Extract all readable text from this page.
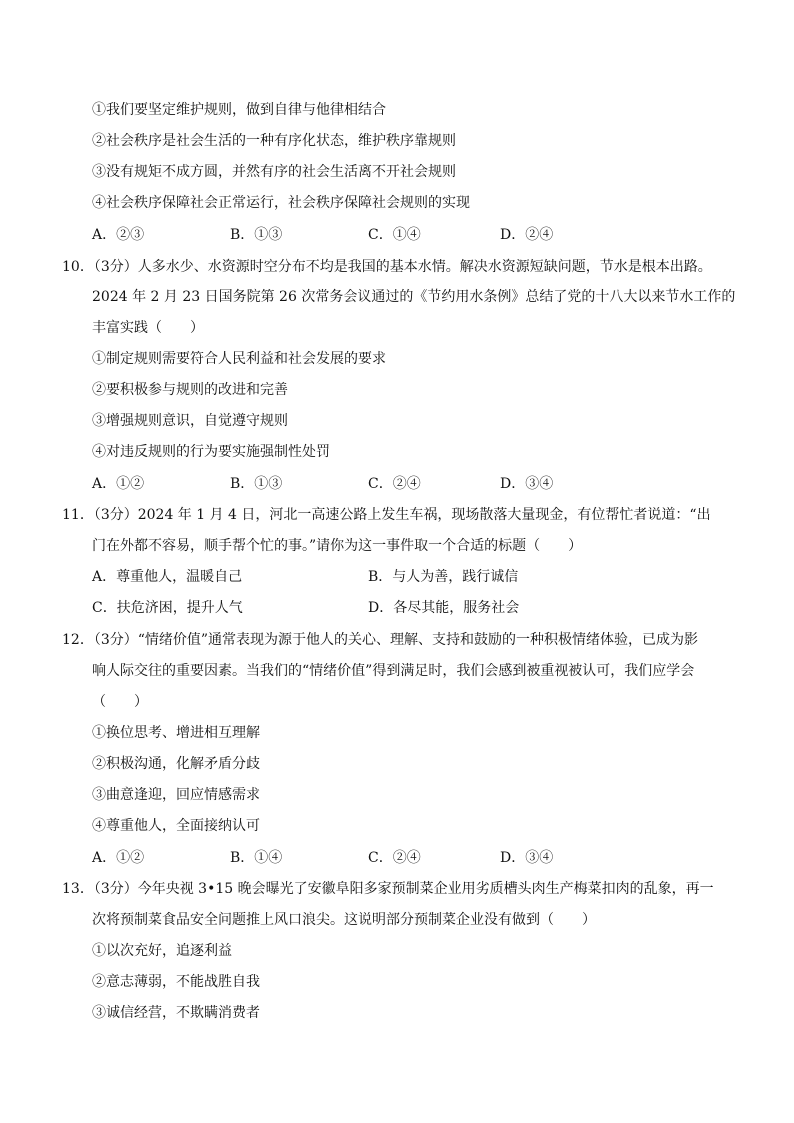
①我们要坚定维护规则，做到自律与他律相结合
②社会秩序是社会生活的一种有序化状态，维护秩序靠规则
③没有规矩不成方圆，并然有序的社会生活离不开社会规则
④社会秩序保障社会正常运行，社会秩序保障社会规则的实现
A．②③	B．①③	C．①④	D．②④
10．（3分）人多水少、水资源时空分布不均是我国的基本水情。解决水资源短缺问题，节水是根本出路。
2024 年 2 月 23 日国务院第 26 次常务会议通过的《节约用水条例》总结了党的十八大以来节水工作的
丰富实践（　　）
①制定规则需要符合人民利益和社会发展的要求
②要积极参与规则的改进和完善
③增强规则意识，自觉遵守规则
④对违反规则的行为要实施强制性处罚
A．①②	B．①③	C．②④	D．③④
11．（3分）2024 年 1 月 4 日，河北一高速公路上发生车祸，现场散落大量现金，有位帮忙者说道：“出
门在外都不容易，顺手帮个忙的事。”请你为这一事件取一个合适的标题（　　）
A．尊重他人，温暖自己	B．与人为善，践行诚信
C．扶危济困，提升人气	D．各尽其能，服务社会
12．（3分）“情绪价值”通常表现为源于他人的关心、理解、支持和鼓励的一种积极情绪体验，已成为影
响人际交往的重要因素。当我们的“情绪价值”得到满足时，我们会感到被重视被认可，我们应学会
（　　）
①换位思考、增进相互理解
②积极沟通，化解矛盾分歧
③曲意逢迎，回应情感需求
④尊重他人，全面接纳认可
A．①②	B．①④	C．②④	D．③④
13．（3分）今年央视 3•15 晚会曝光了安徽阜阳多家预制菜企业用劣质槽头肉生产梅菜扣肉的乱象，再一
次将预制菜食品安全问题推上风口浪尖。这说明部分预制菜企业没有做到（　　）
①以次充好，追逐利益
②意志薄弱，不能战胜自我
③诚信经营，不欺瞒消费者
